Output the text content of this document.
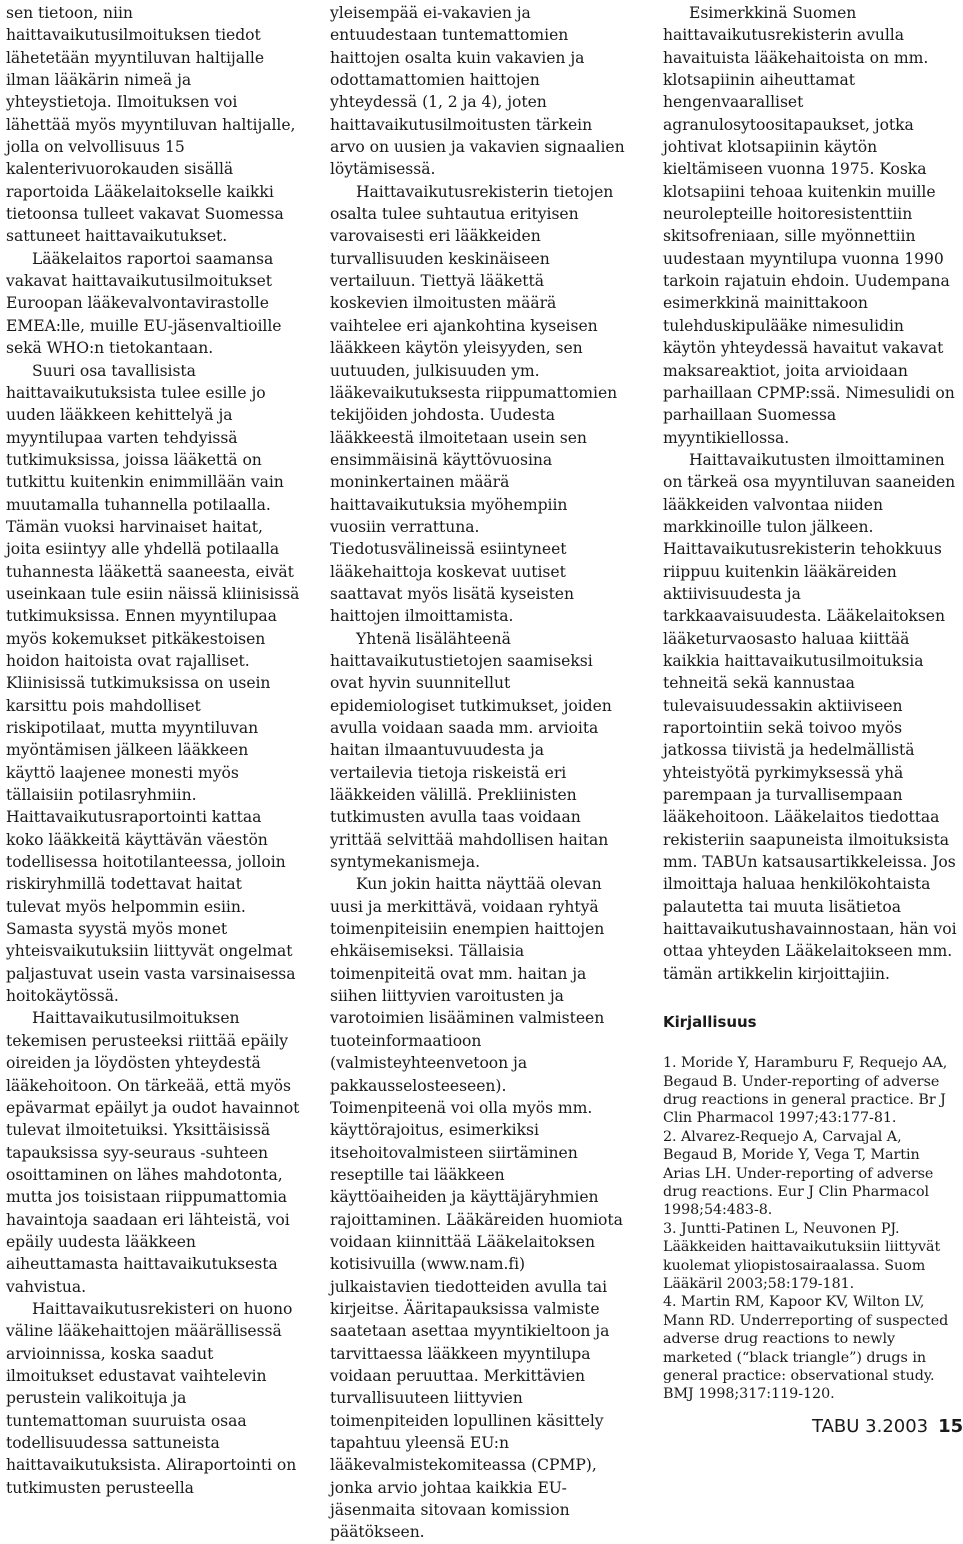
sen tietoon, niin haittavaikutusilmoituksen tiedot lähetetään myyntiluvan haltijalle ilman lääkärin nimeä ja yhteystietoja. Ilmoituksen voi lähettää myös myyntiluvan haltijalle, jolla on velvollisuus 15 kalenterivuorokauden sisällä raportoida Lääkelaitokselle kaikki tietoonsa tulleet vakavat Suomessa sattuneet haittavaikutukset.

Lääkelaitos raportoi saamansa vakavat haittavaikutusilmoitukset Euroopan lääkevalvontavirastolle EMEA:lle, muille EU-jäsenvaltioille sekä WHO:n tietokantaan.

Suuri osa tavallisista haittavaikutuksista tulee esille jo uuden lääkkeen kehittelyä ja myyntilupaa varten tehdyissä tutkimuksissa, joissa lääkettä on tutkittu kuitenkin enimmillään vain muutamalla tuhannella potilaalla. Tämän vuoksi harvinaiset haitat, joita esiintyy alle yhdellä potilaalla tuhannesta lääkettä saaneesta, eivät useinkaan tule esiin näissä kliinisissä tutkimuksissa. Ennen myyntilupaa myös kokemukset pitkäkestoisen hoidon haitoista ovat rajalliset. Kliinisissä tutkimuksissa on usein karsittu pois mahdolliset riskipotilaat, mutta myyntiluvan myöntämisen jälkeen lääkkeen käyttö laajenee monesti myös tällaisiin potilasryhmiin. Haittavaikutusraportointi kattaa koko lääkkeitä käyttävän väestön todellisessa hoitotilanteessa, jolloin riskiryhmillä todettavat haitat tulevat myös helpommin esiin. Samasta syystä myös monet yhteisvaikutuksiin liittyvät ongelmat paljastuvat usein vasta varsinaisessa hoitokäytössä.

Haittavaikutusilmoituksen tekemisen perusteeksi riittää epäily oireiden ja löydösten yhteydestä lääkehoitoon. On tärkeää, että myös epävarmat epäilyt ja oudot havainnot tulevat ilmoitetuiksi. Yksittäisissä tapauksissa syy-seuraus -suhteen osoittaminen on lähes mahdotonta, mutta jos toisistaan riippumattomia havaintoja saadaan eri lähteistä, voi epäily uudesta lääkkeen aiheuttamasta haittavaikutuksesta vahvistua.

Haittavaikutusrekisteri on huono väline lääkehaittojen määrällisessä arvioinnissa, koska saadut ilmoitukset edustavat vaihtelevin perustein valikoituja ja tuntemattoman suuruista osaa todellisuudessa sattuneista haittavaikutuksista. Aliraportointi on tutkimusten perusteella

yleisempää ei-vakavien ja entuudestaan tuntemattomien haittojen osalta kuin vakavien ja odottamattomien haittojen yhteydessä (1, 2 ja 4), joten haittavaikutusilmoitusten tärkein arvo on uusien ja vakavien signaalien löytämisessä.

Haittavaikutusrekisterin tietojen osalta tulee suhtautua erityisen varovaisesti eri lääkkeiden turvallisuuden keskinäiseen vertailuun. Tiettyä lääkettä koskevien ilmoitusten määrä vaihtelee eri ajankohtina kyseisen lääkkeen käytön yleisyyden, sen uutuuden, julkisuuden ym. lääkevaikutuksesta riippumattomien tekijöiden johdosta. Uudesta lääkkeestä ilmoitetaan usein sen ensimmäisinä käyttövuosina moninkertainen määrä haittavaikutuksia myöhempiin vuosiin verrattuna. Tiedotusvälineissä esiintyneet lääkehaittoja koskevat uutiset saattavat myös lisätä kyseisten haittojen ilmoittamista.

Yhtenä lisälähteenä haittavaikutustietojen saamiseksi ovat hyvin suunnitellut epidemiologiset tutkimukset, joiden avulla voidaan saada mm. arvioita haitan ilmaantuvuudesta ja vertailevia tietoja riskeistä eri lääkkeiden välillä. Prekliinisten tutkimusten avulla taas voidaan yrittää selvittää mahdollisen haitan syntymekanismeja.

Kun jokin haitta näyttää olevan uusi ja merkittävä, voidaan ryhtyä toimenpiteisiin enempien haittojen ehkäisemiseksi. Tällaisia toimenpiteitä ovat mm. haitan ja siihen liittyvien varoitusten ja varotoimien lisääminen valmisteen tuoteinformaatioon (valmisteyhteenvetoon ja pakkausselosteeseen). Toimenpiteenä voi olla myös mm. käyttörajoitus, esimerkiksi itsehoitovalmisteen siirtäminen reseptille tai lääkkeen käyttöaiheiden ja käyttäjäryhmien rajoittaminen. Lääkäreiden huomiota voidaan kiinnittää Lääkelaitoksen kotisivuilla (www.nam.fi) julkaistavien tiedotteiden avulla tai kirjeitse. Ääritapauksissa valmiste saatetaan asettaa myyntikieltoon ja tarvittaessa lääkkeen myyntilupa voidaan peruuttaa. Merkittävien turvallisuuteen liittyvien toimenpiteiden lopullinen käsittely tapahtuu yleensä EU:n lääkevalmistekomiteassa (CPMP), jonka arvio johtaa kaikkia EU-jäsenmaita sitovaan komission päätökseen.

Esimerkkinä Suomen haittavaikutusrekisterin avulla havaituista lääkehaitoista on mm. klotsapiinin aiheuttamat hengenvaaralliset agranulosytoositapaukset, jotka johtivat klotsapiinin käytön kieltämiseen vuonna 1975. Koska klotsapiini tehoaa kuitenkin muille neurolepteille hoitoresistenttiin skitsofreniaan, sille myönnettiin uudestaan myyntilupa vuonna 1990 tarkoin rajatuin ehdoin. Uudempana esimerkkinä mainittakoon tulehduskipulääke nimesulidin käytön yhteydessä havaitut vakavat maksareaktiot, joita arvioidaan parhaillaan CPMP:ssä. Nimesulidi on parhaillaan Suomessa myyntikiellossa.

Haittavaikutusten ilmoittaminen on tärkeä osa myyntiluvan saaneiden lääkkeiden valvontaa niiden markkinoille tulon jälkeen. Haittavaikutusrekisterin tehokkuus riippuu kuitenkin lääkäreiden aktiivisuudesta ja tarkkaavaisuudesta. Lääkelaitoksen lääketurvaosasto haluaa kiittää kaikkia haittavaikutusilmoituksia tehneitä sekä kannustaa tulevaisuudessakin aktiiviseen raportointiin sekä toivoo myös jatkossa tiivistä ja hedelmällistä yhteistyötä pyrkimyksessä yhä parempaan ja turvallisempaan lääkehoitoon. Lääkelaitos tiedottaa rekisteriin saapuneista ilmoituksista mm. TABUn katsausartikkeleissa. Jos ilmoittaja haluaa henkilökohtaista palautetta tai muuta lisätietoa haittavaikutushavainnostaan, hän voi ottaa yhteyden Lääkelaitokseen mm. tämän artikkelin kirjoittajiin.

Kirjallisuus

1. Moride Y, Haramburu F, Requejo AA, Begaud B. Under-reporting of adverse drug reactions in general practice. Br J Clin Pharmacol 1997;43:177-81.

2. Alvarez-Requejo A, Carvajal A, Begaud B, Moride Y, Vega T, Martin Arias LH. Under-reporting of adverse drug reactions. Eur J Clin Pharmacol 1998;54:483-8.

3. Juntti-Patinen L, Neuvonen PJ. Lääkkeiden haittavaikutuksiin liittyvät kuolemat yliopistosairaalassa. Suom Lääkäril 2003;58:179-181.

4. Martin RM, Kapoor KV, Wilton LV, Mann RD. Underreporting of suspected adverse drug reactions to newly marketed (“black triangle”) drugs in general practice: observational study. BMJ 1998;317:119-120.

TABU 3.2003 15
